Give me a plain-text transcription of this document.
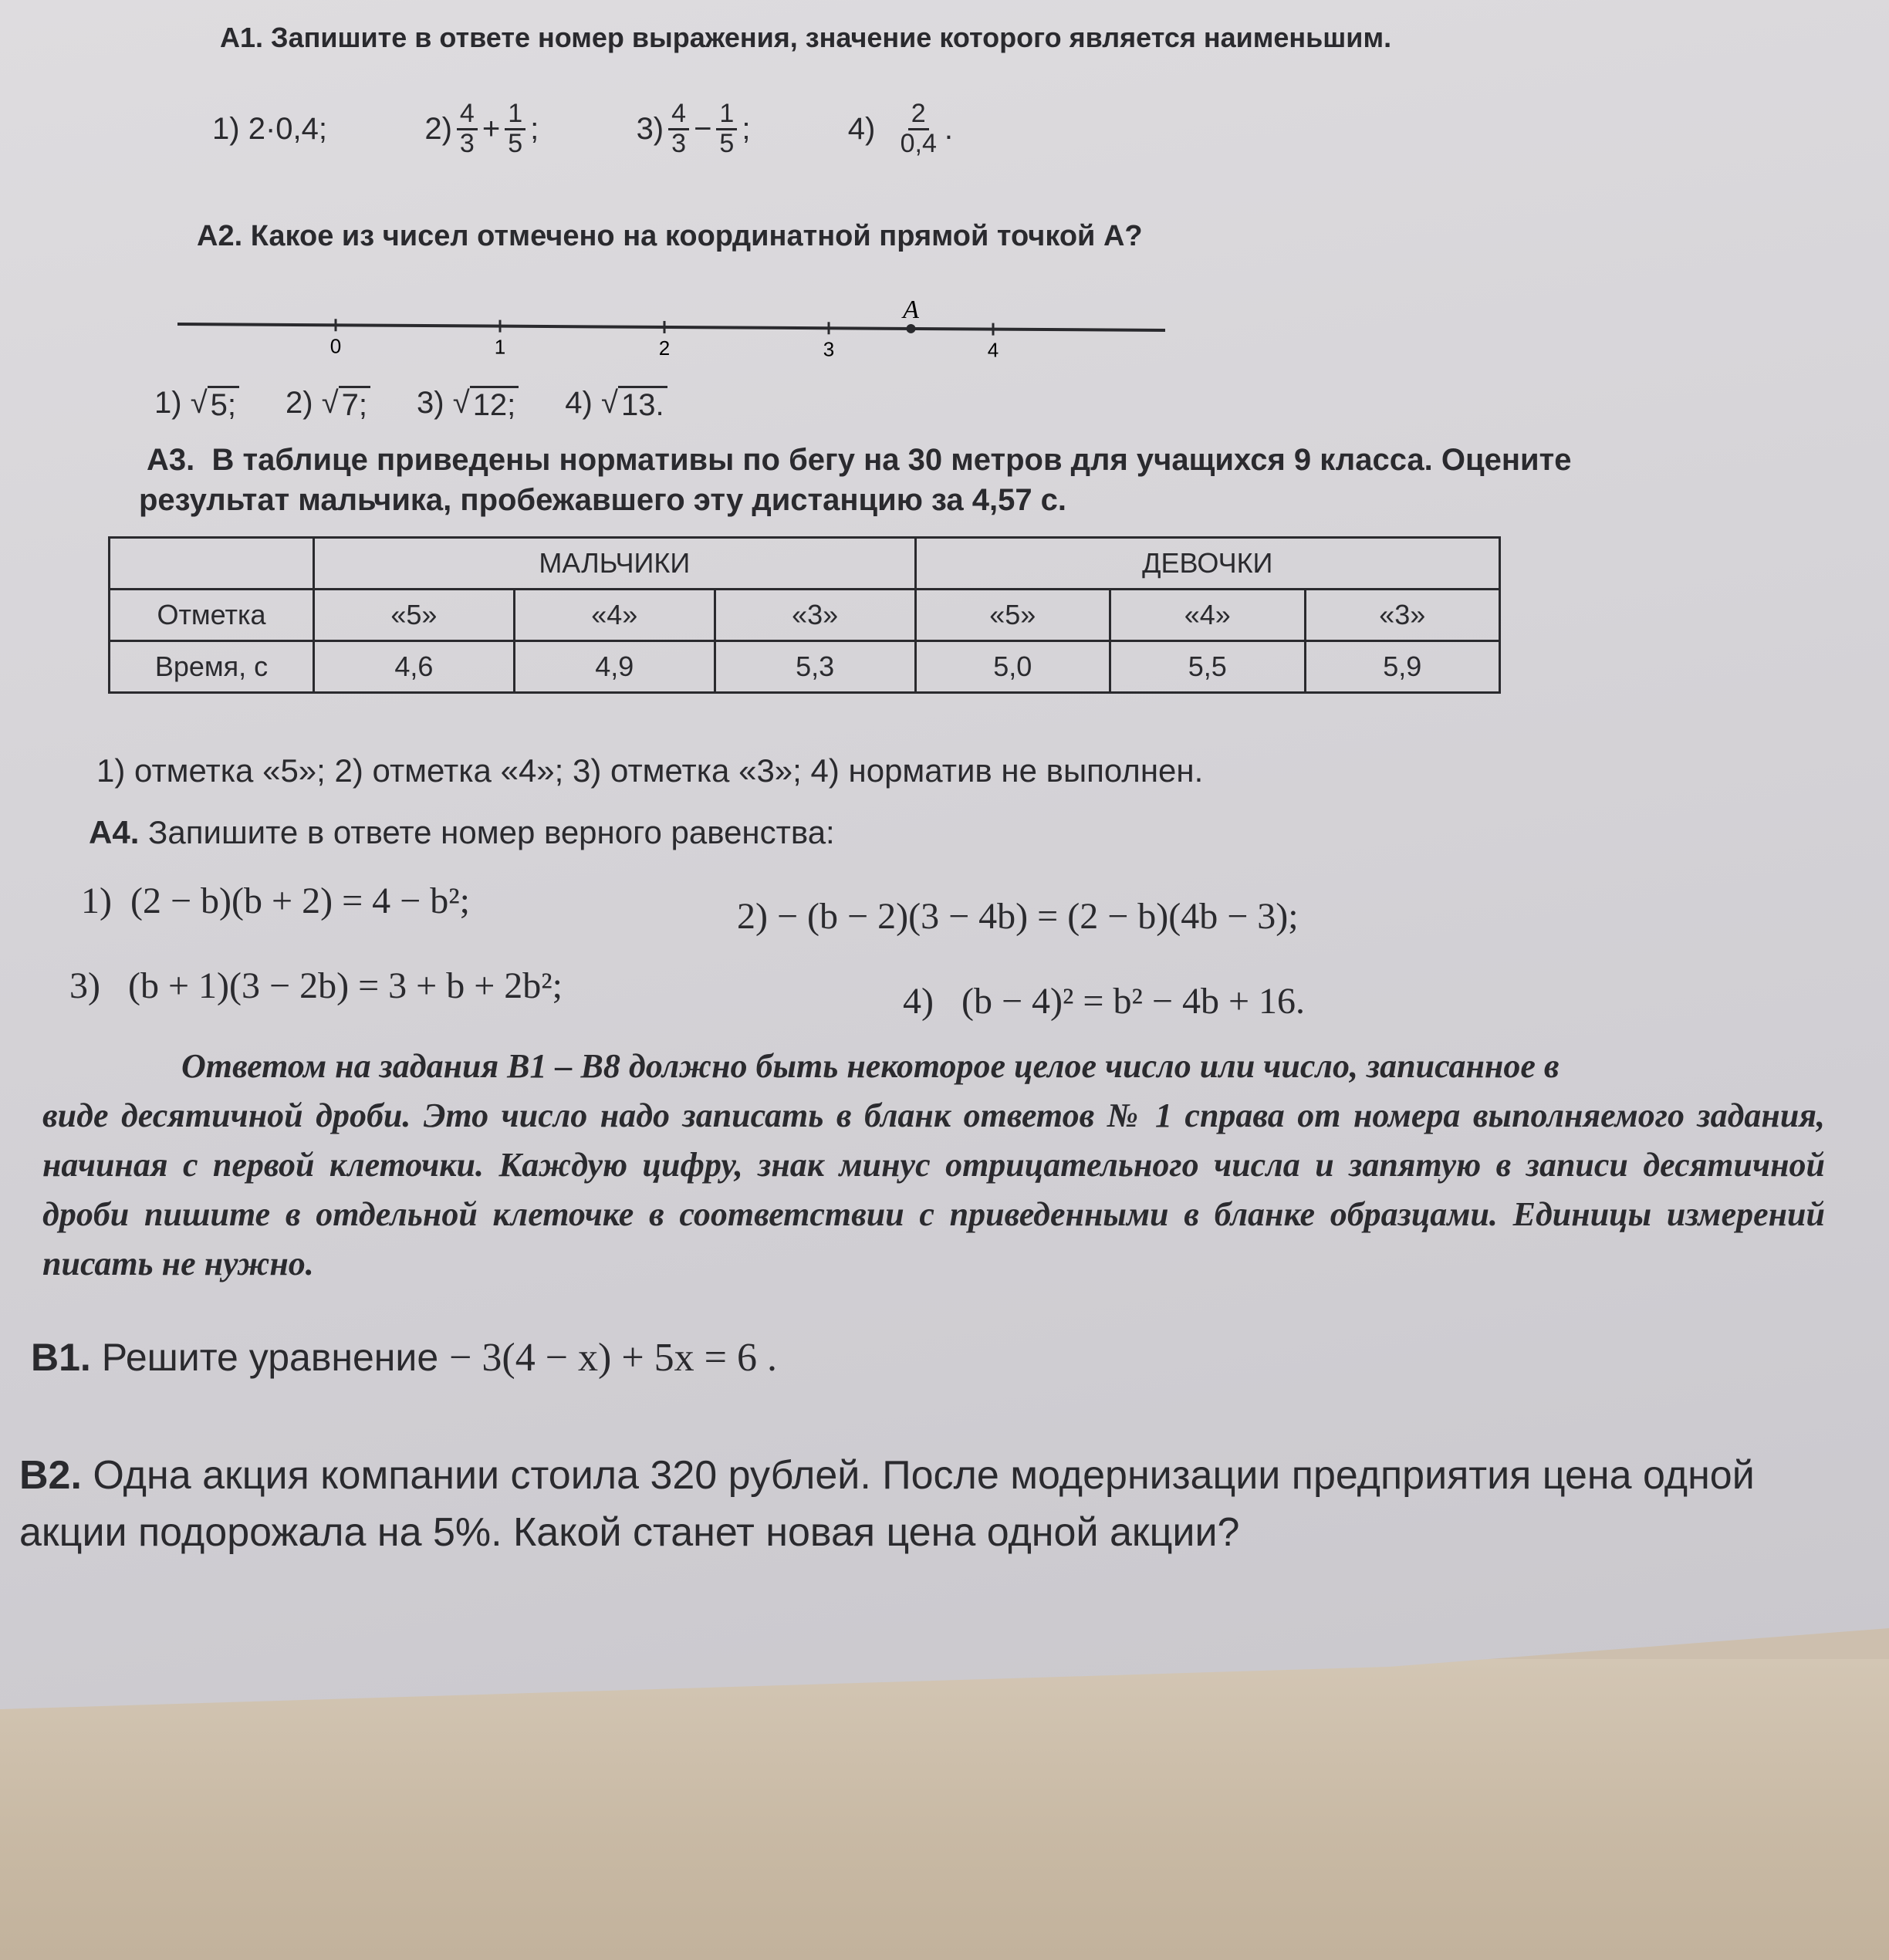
А1. Запишите в ответе номер выражения, значение которого является наименьшим.
1) 2·0,4;	$2) \frac{4}{3} + \frac{1}{5}$ ;	$3) \frac{4}{3} - \frac{1}{5}$ ;	4)
$\frac{2}{0,4}$ .
А2. Какое из чисел отмечено на координатной прямой точкой А?
0	1	2	3	4
A
1) √ 5; 2) √ 7; 3) √ 12; 4) √ 13.
А3. В таблице приведены нормативы по бегу на 30 метров для учащихся 9 класса. Оцените
результат мальчика, пробежавшего эту дистанцию за 4,57 с.
	МАЛЬЧИКИ			ДЕВОЧКИ		
Отметка	«5»	«4»	«3»	«5»	«4»	«3»
Время, с	4,6	4,9	5,3	5,0	5,5	5,9
1) отметка «5»; 2) отметка «4»; 3) отметка «3»; 4) норматив не выполнен.
А4. Запишите в ответе номер верного равенства:
1) (2 − b)(b + 2) = 4 − b²;	2) − (b − 2)(3 − 4b) = (2 − b)(4b − 3);
3) (b + 1)(3 − 2b) = 3 + b + 2b²;	4) (b − 4)² = b² − 4b + 16.
Ответом на задания B1 – B8 должно быть некоторое целое число или число, записанное в
виде десятичной дроби. Это число надо записать в бланк ответов № 1 справа от номера выполняемого задания, начиная с первой клеточки. Каждую цифру, знак минус отрицательного числа и запятую в записи десятичной дроби пишите в отдельной клеточке в соответствии с приведенными в бланке образцами. Единицы измерений писать не нужно.
B1. Решите уравнение − 3(4 − x) + 5x = 6 .
B2. Одна акция компании стоила 320 рублей. После модернизации предприятия цена одной
акции подорожала на 5%. Какой станет новая цена одной акции?
